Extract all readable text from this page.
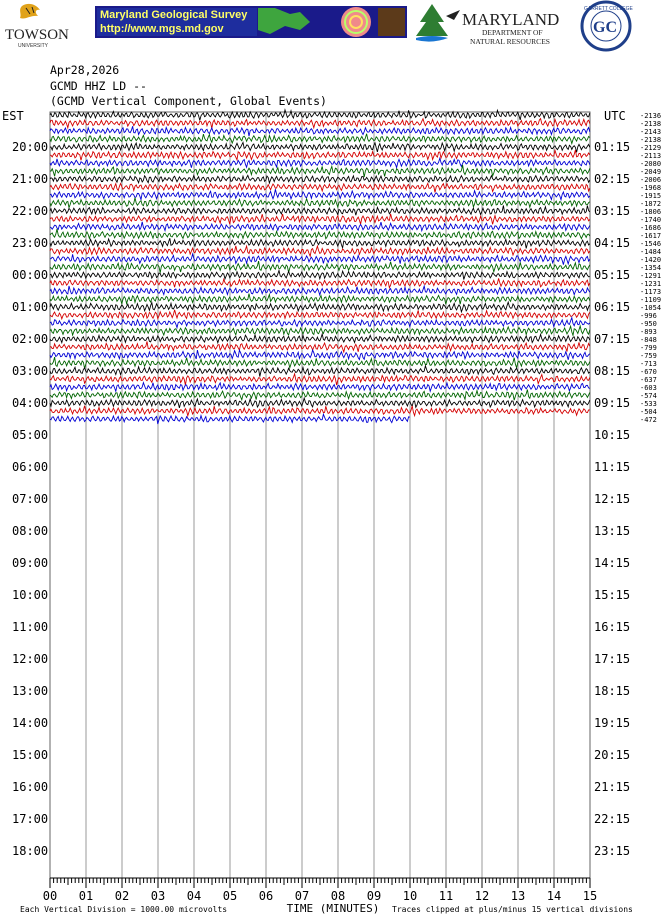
TOWSON
UNIVERSITY
Maryland Geological Survey
http://www.mgs.md.gov	MARYLAND
DEPARTMENT OF
NATURAL RESOURCES
GARRETT COLLEGE
GC
Apr28,2026
GCMD HHZ LD --
(GCMD Vertical Component, Global Events)
EST	UTC
20:00
21:00
22:00
23:00
00:00
01:00
02:00
03:00
04:00
05:00
06:00
07:00
08:00
09:00
10:00
11:00
12:00
13:00
14:00
15:00
16:00
17:00
18:00
01:15
02:15
03:15
04:15
05:15
06:15
07:15
08:15
09:15
10:15
11:15
12:15
13:15
14:15
15:15
16:15
17:15
18:15
19:15
20:15
21:15
22:15
23:15
-2136
-2138
-2143
-2138
-2129
-2113
-2080
-2049
-2006
-1968
-1915
-1872
-1806
-1740
-1686
-1617
-1546
-1484
-1420
-1354
-1291
-1231
-1173
-1109
-1054
-996
-950
-893
-848
-799
-759
-713
-670
-637
-603
-574
-533
-504
-472
00 01 02 03 04 05 06 07 08 09 10 11 12 13 14 15
Each Vertical Division = 1000.00 microvolts	TIME (MINUTES) Traces clipped at plus/minus 15 vertical divisions
